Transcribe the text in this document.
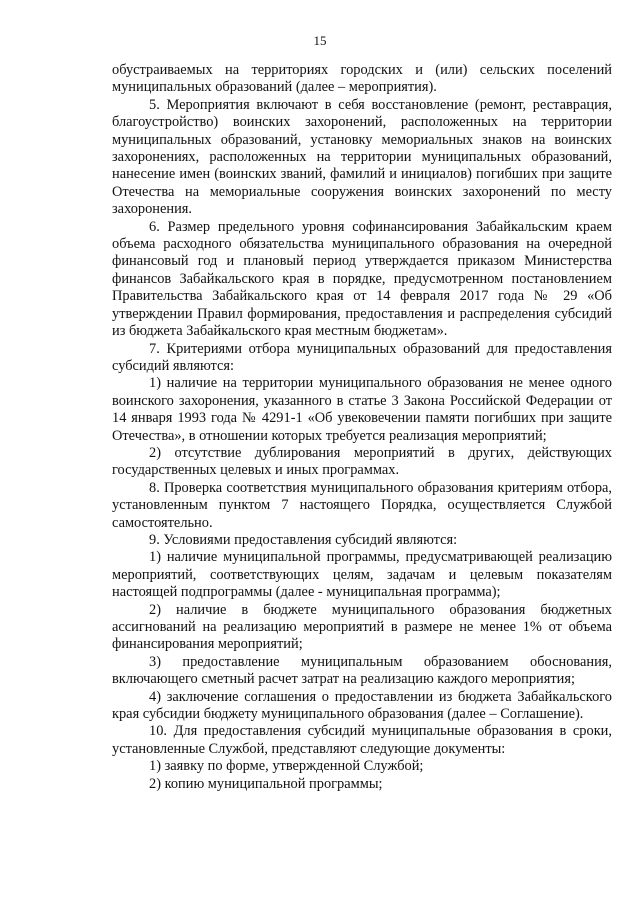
15

обустраиваемых на территориях городских и (или) сельских поселений муниципальных образований (далее – мероприятия).

5. Мероприятия включают в себя восстановление (ремонт, реставрация, благоустройство) воинских захоронений, расположенных на территории муниципальных образований, установку мемориальных знаков на воинских захоронениях, расположенных на территории муниципальных образований, нанесение имен (воинских званий, фамилий и инициалов) погибших при защите Отечества на мемориальные сооружения воинских захоронений по месту захоронения.

6. Размер предельного уровня софинансирования Забайкальским краем объема расходного обязательства муниципального образования на очередной финансовый год и плановый период утверждается приказом Министерства финансов Забайкальского края в порядке, предусмотренном постановлением Правительства Забайкальского края от 14 февраля 2017 года № 29 «Об утверждении Правил формирования, предоставления и распределения субсидий из бюджета Забайкальского края местным бюджетам».

7. Критериями отбора муниципальных образований для предоставления субсидий являются:

1) наличие на территории муниципального образования не менее одного воинского захоронения, указанного в статье 3 Закона Российской Федерации от 14 января 1993 года № 4291-1 «Об увековечении памяти погибших при защите Отечества», в отношении которых требуется реализация мероприятий;

2) отсутствие дублирования мероприятий в других, действующих государственных целевых и иных программах.

8. Проверка соответствия муниципального образования критериям отбора, установленным пунктом 7 настоящего Порядка, осуществляется Службой самостоятельно.

9. Условиями предоставления субсидий являются:

1) наличие муниципальной программы, предусматривающей реализацию мероприятий, соответствующих целям, задачам и целевым показателям настоящей подпрограммы (далее - муниципальная программа);

2) наличие в бюджете муниципального образования бюджетных ассигнований на реализацию мероприятий в размере не менее 1% от объема финансирования мероприятий;

3) предоставление муниципальным образованием обоснования, включающего сметный расчет затрат на реализацию каждого мероприятия;

4) заключение соглашения о предоставлении из бюджета Забайкальского края субсидии бюджету муниципального образования (далее – Соглашение).

10. Для предоставления субсидий муниципальные образования в сроки, установленные Службой, представляют следующие документы:

1) заявку по форме, утвержденной Службой;

2) копию муниципальной программы;
